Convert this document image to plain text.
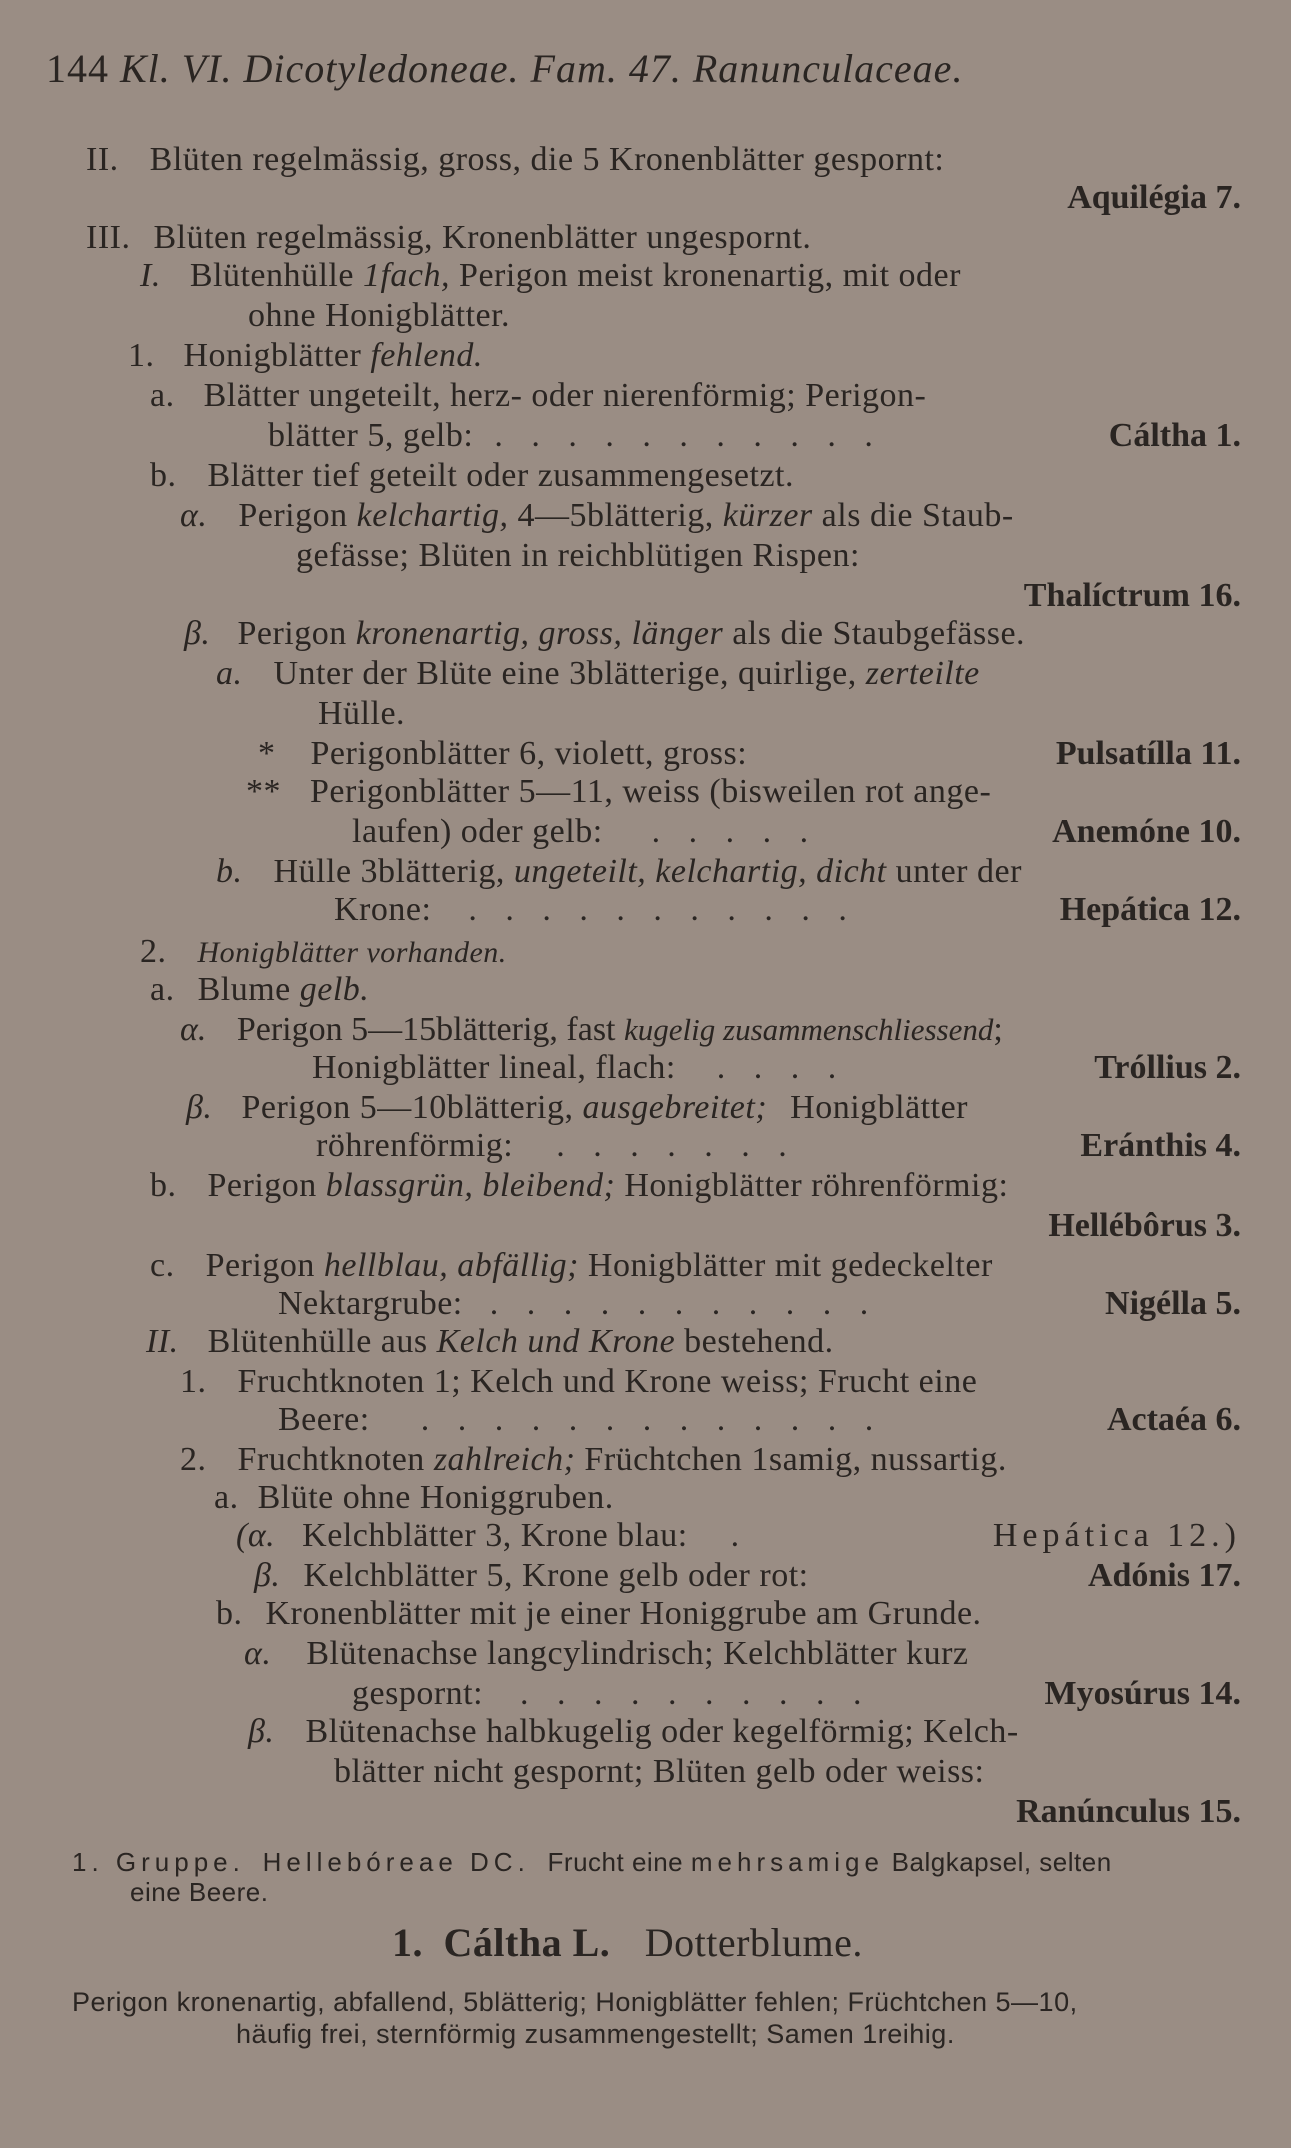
144 Kl. VI. Dicotyledoneae. Fam. 47. Ranunculaceae.
II. Blüten regelmässig, gross, die 5 Kronenblätter gespornt:
Aquilégia 7.
III. Blüten regelmässig, Kronenblätter ungespornt.
I. Blütenhülle 1fach, Perigon meist kronenartig, mit oder
ohne Honigblätter.
1. Honigblätter fehlend.
a. Blätter ungeteilt, herz- oder nierenförmig; Perigon-
blätter 5, gelb: . . . . . . . . . . .	Cáltha 1.
b. Blätter tief geteilt oder zusammengesetzt.
α. Perigon kelchartig, 4—5blätterig, kürzer als die Staub-
gefässe; Blüten in reichblütigen Rispen:
Thalíctrum 16.
β. Perigon kronenartig, gross, länger als die Staubgefässe.
a. Unter der Blüte eine 3blätterige, quirlige, zerteilte
Hülle.
* Perigonblätter 6, violett, gross:	Pulsatílla 11.
** Perigonblätter 5—11, weiss (bisweilen rot ange-
laufen) oder gelb: . . . . .	Anemóne 10.
b. Hülle 3blätterig, ungeteilt, kelchartig, dicht unter der
Krone: . . . . . . . . . . .	Hepática 12.
2. Honigblätter vorhanden.
a. Blume gelb.
α. Perigon 5—15blätterig, fast kugelig zusammenschliessend;
Honigblätter lineal, flach: . . . .	Tróllius 2.
β. Perigon 5—10blätterig, ausgebreitet; Honigblätter
röhrenförmig: . . . . . . .	Eránthis 4.
b. Perigon blassgrün, bleibend; Honigblätter röhrenförmig:
Hellébôrus 3.
c. Perigon hellblau, abfällig; Honigblätter mit gedeckelter
Nektargrube: . . . . . . . . . . .	Nigélla 5.
II. Blütenhülle aus Kelch und Krone bestehend.
1. Fruchtknoten 1; Kelch und Krone weiss; Frucht eine
Beere: . . . . . . . . . . . . .	Actaéa 6.
2. Fruchtknoten zahlreich; Früchtchen 1samig, nussartig.
a. Blüte ohne Honiggruben.
(α. Kelchblätter 3, Krone blau: .	Hepática 12.)
β. Kelchblätter 5, Krone gelb oder rot:	Adónis 17.
b. Kronenblätter mit je einer Honiggrube am Grunde.
α. Blütenachse langcylindrisch; Kelchblätter kurz
gespornt: . . . . . . . . . .	Myosúrus 14.
β. Blütenachse halbkugelig oder kegelförmig; Kelch-
blätter nicht gespornt; Blüten gelb oder weiss:
Ranúnculus 15.
1. Gruppe. Hellebóreae DC. Frucht eine mehrsamige Balgkapsel, selten
eine Beere.
1. Cáltha L. Dotterblume.
Perigon kronenartig, abfallend, 5blätterig; Honigblätter fehlen; Früchtchen 5—10,
häufig frei, sternförmig zusammengestellt; Samen 1reihig.
